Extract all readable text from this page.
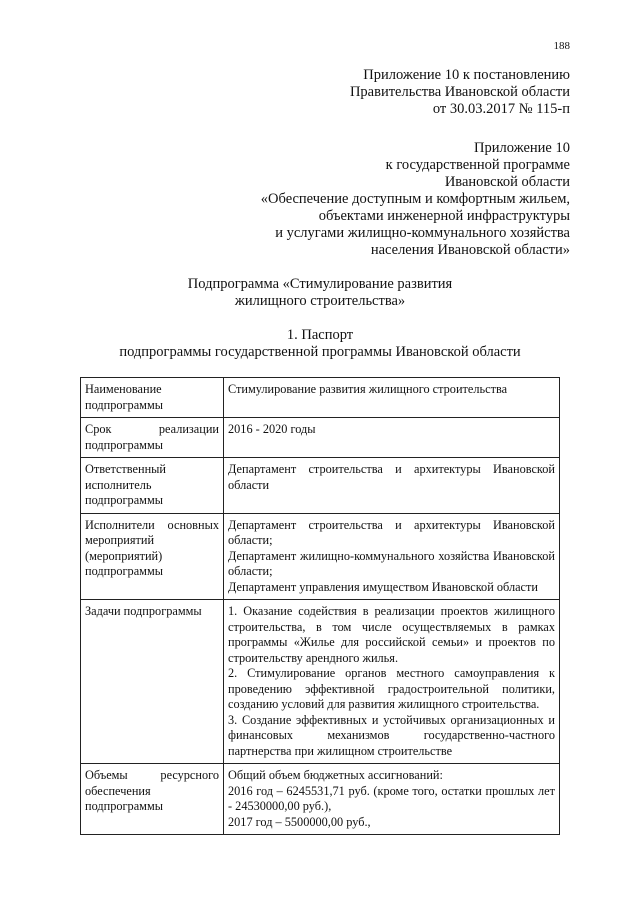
188
Приложение 10 к постановлению
Правительства Ивановской области
от 30.03.2017 № 115-п
Приложение 10
к государственной программе
Ивановской области
«Обеспечение доступным и комфортным жильем,
объектами инженерной инфраструктуры
и услугами жилищно-коммунального хозяйства
населения Ивановской области»
Подпрограмма «Стимулирование развития
жилищного строительства»
1. Паспорт
подпрограммы государственной программы Ивановской области
Наименование подпрограммы	Стимулирование развития жилищного строительства

Срок реализации подпрограммы	2016 - 2020 годы

Ответственный исполнитель подпрограммы	Департамент строительства и архитектуры Ивановской области

Исполнители основных мероприятий (мероприятий) подпрограммы	Департамент строительства и архитектуры Ивановской области;
Департамент жилищно-коммунального хозяйства Ивановской области;
Департамент управления имуществом Ивановской области

Задачи подпрограммы	1. Оказание содействия в реализации проектов жилищного строительства, в том числе осуществляемых в рамках программы «Жилье для российской семьи» и проектов по строительству арендного жилья.
2. Стимулирование органов местного самоуправления к проведению эффективной градостроительной политики, созданию условий для развития жилищного строительства.
3. Создание эффективных и устойчивых организационных и финансовых механизмов государственно-частного партнерства при жилищном строительстве

Объемы ресурсного обеспечения подпрограммы	Общий объем бюджетных ассигнований:
2016 год – 6245531,71 руб. (кроме того, остатки прошлых лет - 24530000,00 руб.),
2017 год – 5500000,00 руб.,
